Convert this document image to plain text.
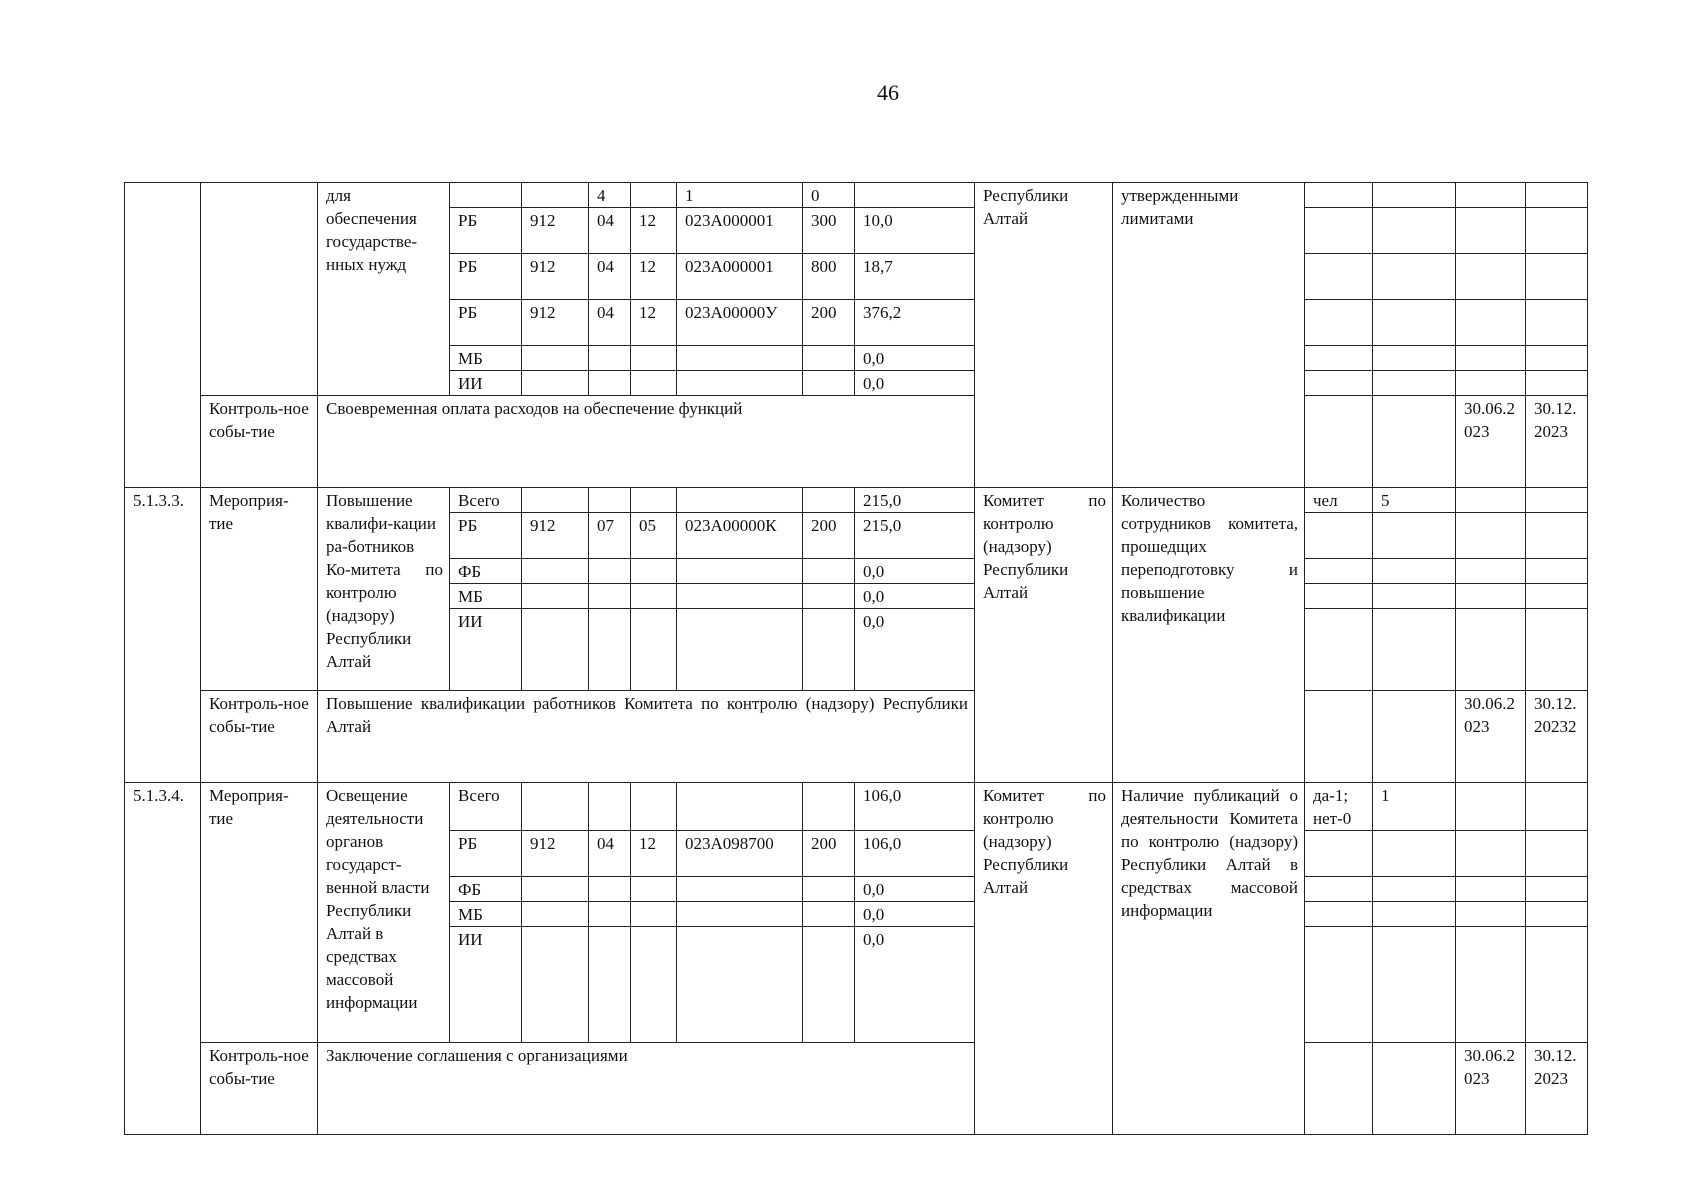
46
		для
обеспечения
государстве-
нных нужд			4		1	0		Республики Алтай	утвержденными лимитами				
			РБ	912	04	12	023А000001	300	10,0						
			РБ	912	04	12	023А000001	800	18,7						
			РБ	912	04	12	023А00000У	200	376,2						
			МБ						0,0						
			ИИ						0,0						
	Контроль-ное собы-тие	Своевременная оплата расходов на обеспечение функций												30.06.2023	30.12.2023
5.1.3.3.	Мероприя-тие	Повышение квалифи-кации ра-ботников Ко-митета по контролю (надзору) Республики Алтай	Всего						215,0	Комитет по контролю (надзору) Республики Алтай	Количество сотрудников комитета, прошедщих переподготовку и повышение квалификации	чел	5		
			РБ	912	07	05	023А00000К	200	215,0						
			ФБ						0,0						
			МБ						0,0						
			ИИ						0,0						
	Контроль-ное собы-тие	Повышение квалификации работников Комитета по контролю (надзору) Республики Алтай												30.06.2023	30.12.20232
5.1.3.4.	Мероприя-тие	Освещение деятельности органов государст-венной власти Республики Алтай в средствах массовой информации	Всего						106,0	Комитет по контролю (надзору) Республики Алтай	Наличие публикаций о деятельности Комитета по контролю (надзору) Республики Алтай в средствах массовой информации	да-1; нет-0	1		
			РБ	912	04	12	023А098700	200	106,0						
			ФБ						0,0						
			МБ						0,0						
			ИИ						0,0						
	Контроль-ное собы-тие	Заключение соглашения с организациями												30.06.2023	30.12.2023
